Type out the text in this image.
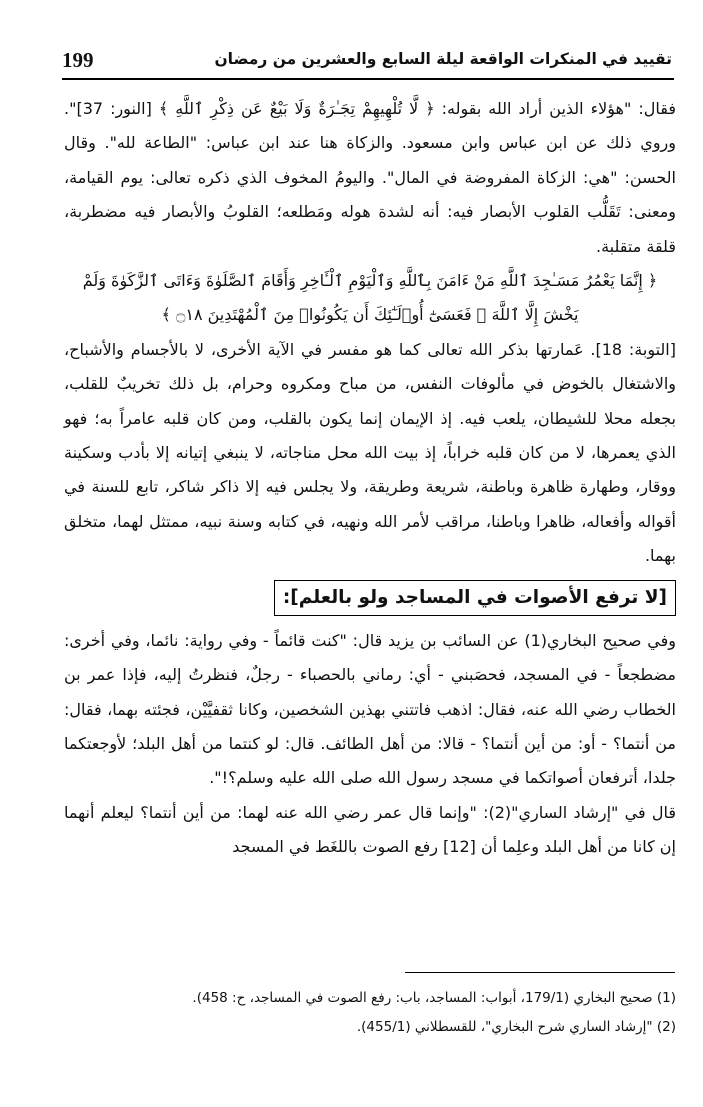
199	تقييد في المنكرات الواقعة ليلة السابع والعشرين من رمضان

فقال: "هؤلاء الذين أراد الله بقوله: ﴿ لَّا تُلْهِيهِمْ تِجَـٰرَةٌ وَلَا بَيْعٌ عَن ذِكْرِ ٱللَّهِ ﴾ [النور: 37]". وروي ذلك عن ابن عباس وابن مسعود. والزكاة هنا عند ابن عباس: "الطاعة لله". وقال الحسن: "هي: الزكاة المفروضة في المال". واليومُ المخوف الذي ذكره تعالى: يوم القيامة، ومعنى: تَقَلُّب القلوب الأبصار فيه: أنه لشدة هوله ومَطلعه؛ القلوبُ والأبصار فيه مضطربة، قلقة متقلبة.

﴿ إِنَّمَا يَعْمُرُ مَسَـٰجِدَ ٱللَّهِ مَنْ ءَامَنَ بِٱللَّهِ وَٱلْيَوْمِ ٱلْـَٔاخِرِ وَأَقَامَ ٱلصَّلَوٰةَ وَءَاتَى ٱلزَّكَوٰةَ وَلَمْ يَخْشَ إِلَّا ٱللَّهَ ۖ فَعَسَىٰٓ أُو۟لَـٰٓئِكَ أَن يَكُونُوا۟ مِنَ ٱلْمُهْتَدِينَ ۝١٨ ﴾

[التوبة: 18]. عَمارتها بذكر الله تعالى كما هو مفسر في الآية الأخرى، لا بالأجسام والأشباح، والاشتغال بالخوض في مألوفات النفس، من مباح ومكروه وحرام، بل ذلك تخريبٌ للقلب، بجعله محلا للشيطان، يلعب فيه. إذ الإيمان إنما يكون بالقلب، ومن كان قلبه عامراً به؛ فهو الذي يعمرها، لا من كان قلبه خراباً، إذ بيت الله محل مناجاته، لا ينبغي إتيانه إلا بأدب وسكينة ووقار، وطهارة ظاهرة وباطنة، شريعة وطريقة، ولا يجلس فيه إلا ذاكر شاكر، تابع للسنة في أقواله وأفعاله، ظاهرا وباطنا، مراقب لأمر الله ونهيه، في كتابه وسنة نبيه، ممتثل لهما، متخلق بهما.

[لا ترفع الأصوات في المساجد ولو بالعلم]:

وفي صحيح البخاري(1) عن السائب بن يزيد قال: "كنت قائماً - وفي رواية: نائما، وفي أخرى: مضطجعاً - في المسجد، فحصَبني - أي: رماني بالحصباء - رجلٌ، فنظرتُ إليه، فإذا عمر بن الخطاب رضي الله عنه، فقال: اذهب فاتتني بهذين الشخصين، وكانا ثقفيَّيْن، فجئته بهما، فقال: من أنتما؟ - أو: من أين أنتما؟ - قالا: من أهل الطائف. قال: لو كنتما من أهل البلد؛ لأوجعتكما جلدا، أترفعان أصواتكما في مسجد رسول الله صلى الله عليه وسلم؟!".

قال في "إرشاد الساري"(2): "وإنما قال عمر رضي الله عنه لهما: من أين أنتما؟ ليعلم أنهما إن كانا من أهل البلد وعلِما أن [12] رفع الصوت باللغَط في المسجد

(1) صحيح البخاري (179/1، أبواب: المساجد، باب: رفع الصوت في المساجد، ح: 458).

(2) "إرشاد الساري شرح البخاري"، للقسطلاني (455/1).
